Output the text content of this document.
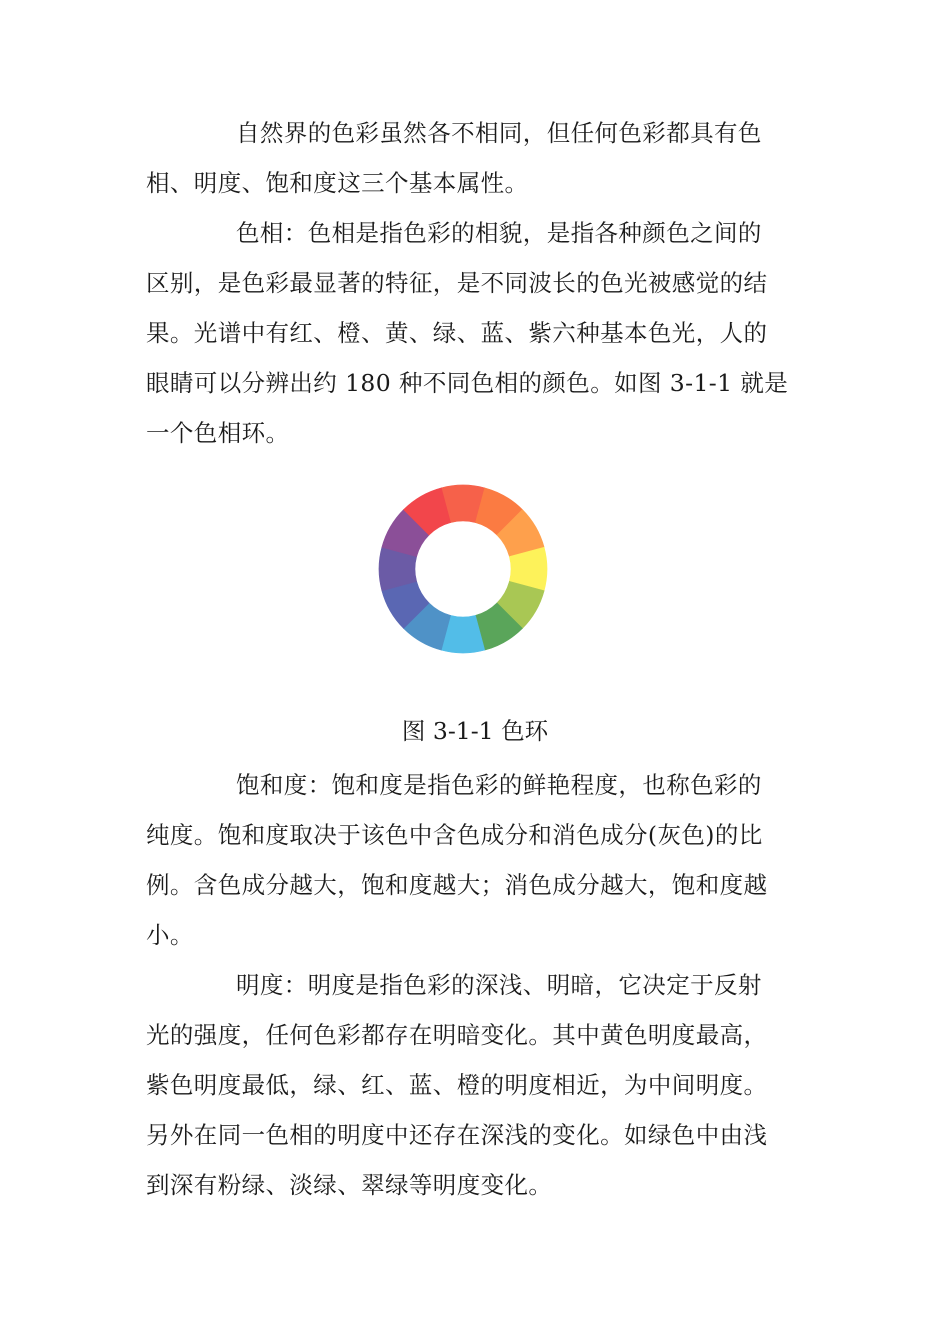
自然界的色彩虽然各不相同，但任何色彩都具有色
相、明度、饱和度这三个基本属性。
色相：色相是指色彩的相貌，是指各种颜色之间的
区别，是色彩最显著的特征，是不同波长的色光被感觉的结
果。光谱中有红、橙、黄、绿、蓝、紫六种基本色光，人的
眼睛可以分辨出约 180 种不同色相的颜色。如图 3-1-1 就是
一个色相环。
图 3-1-1 色环
饱和度：饱和度是指色彩的鲜艳程度，也称色彩的
纯度。饱和度取决于该色中含色成分和消色成分(灰色)的比
例。含色成分越大，饱和度越大；消色成分越大，饱和度越
小。
明度：明度是指色彩的深浅、明暗，它决定于反射
光的强度，任何色彩都存在明暗变化。其中黄色明度最高，
紫色明度最低，绿、红、蓝、橙的明度相近，为中间明度。
另外在同一色相的明度中还存在深浅的变化。如绿色中由浅
到深有粉绿、淡绿、翠绿等明度变化。
